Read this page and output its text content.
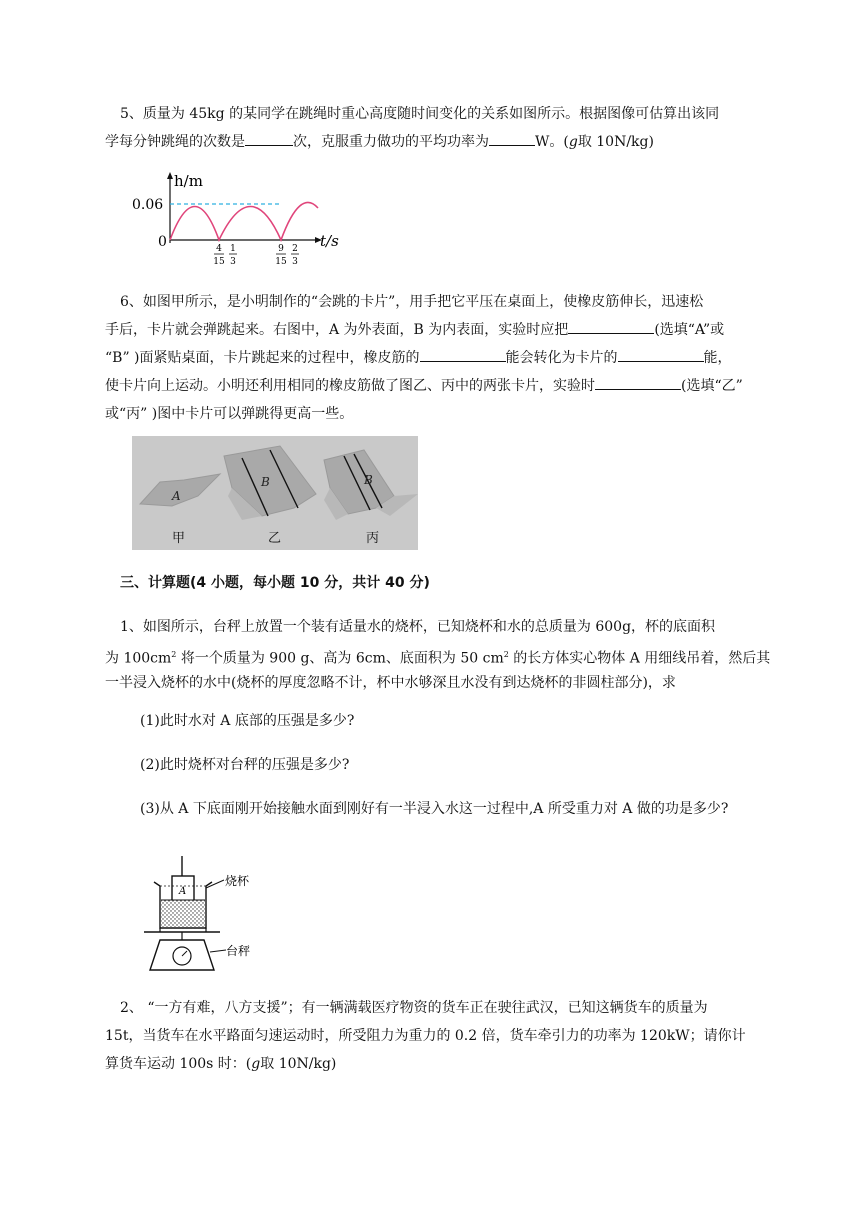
5、质量为 45kg 的某同学在跳绳时重心高度随时间变化的关系如图所示。根据图像可估算出该同
学每分钟跳绳的次数是	次，克服重力做功的平均功率为	W。(g取 10N/kg)
h/m
0.06
0	t/s
4
15
1
3
9
15
2
3
6、如图甲所示，是小明制作的“会跳的卡片”，用手把它平压在桌面上，使橡皮筋伸长，迅速松
手后，卡片就会弹跳起来。右图中，A 为外表面，B 为内表面，实验时应把	(选填“A”或
“B” )面紧贴桌面，卡片跳起来的过程中，橡皮筋的	能会转化为卡片的	能，
使卡片向上运动。小明还利用相同的橡皮筋做了图乙、丙中的两张卡片，实验时	(选填“乙”
或“丙” )图中卡片可以弹跳得更高一些。
A
B	B
甲	乙	丙
三、计算题(4 小题，每小题 10 分，共计 40 分)
1、如图所示，台秤上放置一个装有适量水的烧杯，已知烧杯和水的总质量为 600g，杯的底面积
为 $100cm^2$ 将一个质量为 900 g、高为 6cm、底面积为 50 $cm^2$ 的长方体实心物体 A 用细线吊着，然后其
一半浸入烧杯的水中(烧杯的厚度忽略不计，杯中水够深且水没有到达烧杯的非圆柱部分)，求
(1)此时水对 A 底部的压强是多少?
(2)此时烧杯对台秤的压强是多少?
(3)从 A 下底面刚开始接触水面到刚好有一半浸入水这一过程中,A 所受重力对 A 做的功是多少?
A
烧杯
台秤
2、 “一方有难，八方支援”；有一辆满载医疗物资的货车正在驶往武汉，已知这辆货车的质量为
15t，当货车在水平路面匀速运动时，所受阻力为重力的 0.2 倍，货车牵引力的功率为 120kW；请你计
算货车运动 100s 时：(g取 10N/kg)
